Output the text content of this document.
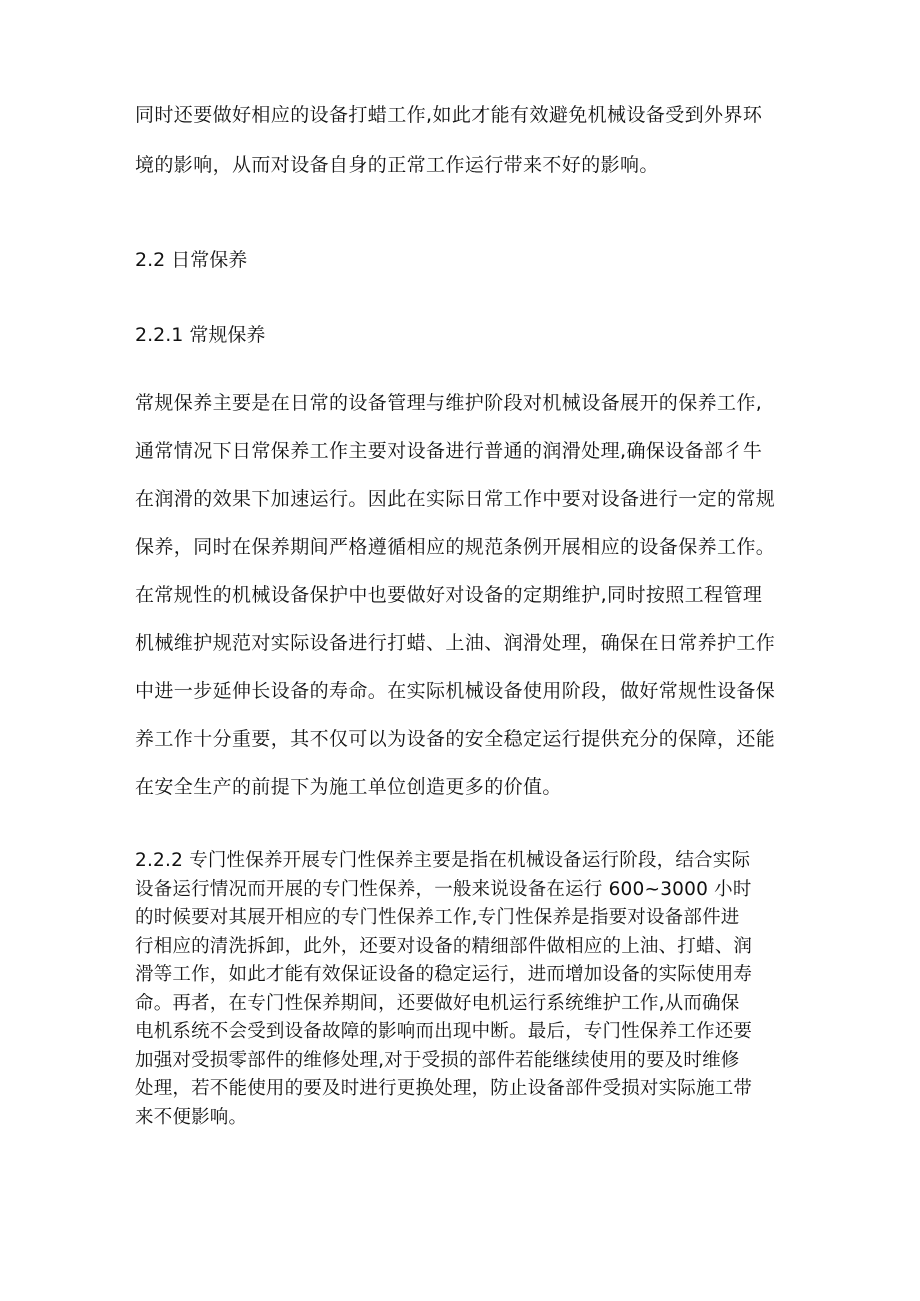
同时还要做好相应的设备打蜡工作,如此才能有效避免机械设备受到外界环
境的影响，从而对设备自身的正常工作运行带来不好的影响。
2.2 日常保养
2.2.1 常规保养
常规保养主要是在日常的设备管理与维护阶段对机械设备展开的保养工作,
通常情况下日常保养工作主要对设备进行普通的润滑处理,确保设备部彳牛
在润滑的效果下加速运行。因此在实际日常工作中要对设备进行一定的常规
保养，同时在保养期间严格遵循相应的规范条例开展相应的设备保养工作。
在常规性的机械设备保护中也要做好对设备的定期维护,同时按照工程管理
机械维护规范对实际设备进行打蜡、上油、润滑处理，确保在日常养护工作
中进一步延伸长设备的寿命。在实际机械设备使用阶段，做好常规性设备保
养工作十分重要，其不仅可以为设备的安全稳定运行提供充分的保障，还能
在安全生产的前提下为施工单位创造更多的价值。
2.2.2 专门性保养开展专门性保养主要是指在机械设备运行阶段，结合实际
设备运行情况而开展的专门性保养，一般来说设备在运行 600~3000 小时
的时候要对其展开相应的专门性保养工作,专门性保养是指要对设备部件进
行相应的清洗拆卸，此外，还要对设备的精细部件做相应的上油、打蜡、润
滑等工作，如此才能有效保证设备的稳定运行，进而增加设备的实际使用寿
命。再者，在专门性保养期间，还要做好电机运行系统维护工作,从而确保
电机系统不会受到设备故障的影响而出现中断。最后，专门性保养工作还要
加强对受损零部件的维修处理,对于受损的部件若能继续使用的要及时维修
处理，若不能使用的要及时进行更换处理，防止设备部件受损对实际施工带
来不便影响。
